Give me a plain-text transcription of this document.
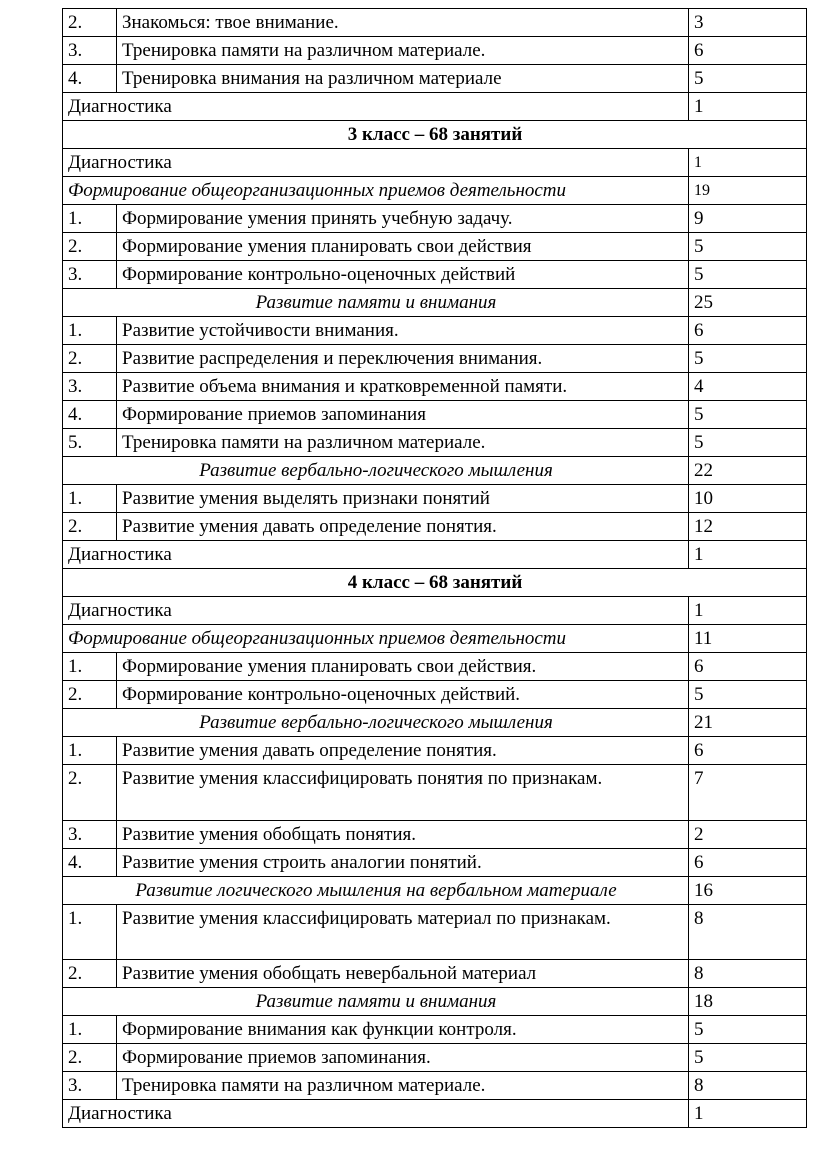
2.	Знакомься: твое внимание.	3
3.	Тренировка памяти на различном материале.	6
4.	Тренировка внимания на различном материале	5
Диагностика		1
3 класс – 68 занятий		
Диагностика		1
Формирование общеорганизационных приемов деятельности		19
1.	Формирование умения принять учебную задачу.	9
2.	Формирование умения планировать свои действия	5
3.	Формирование контрольно-оценочных действий	5
Развитие памяти и внимания		25
1.	Развитие устойчивости внимания.	6
2.	Развитие распределения и переключения внимания.	5
3.	Развитие объема внимания и кратковременной памяти.	4
4.	Формирование приемов запоминания	5
5.	Тренировка памяти на различном материале.	5
Развитие вербально-логического мышления		22
1.	Развитие умения выделять признаки понятий	10
2.	Развитие умения давать определение понятия.	12
Диагностика		1
4 класс – 68 занятий		
Диагностика		1
Формирование общеорганизационных приемов деятельности		11
1.	Формирование умения планировать свои действия.	6
2.	Формирование контрольно-оценочных действий.	5
Развитие вербально-логического мышления		21
1.	Развитие умения давать определение понятия.	6
2.	Развитие умения классифицировать понятия по признакам.	7
3.	Развитие умения обобщать понятия.	2
4.	Развитие умения строить аналогии понятий.	6
Развитие логического мышления на вербальном материале		16
1.	Развитие умения классифицировать материал по признакам.	8
2.	Развитие умения обобщать невербальной материал	8
Развитие памяти и внимания		18
1.	Формирование внимания как функции контроля.	5
2.	Формирование приемов запоминания.	5
3.	Тренировка памяти на различном материале.	8
Диагностика		1
